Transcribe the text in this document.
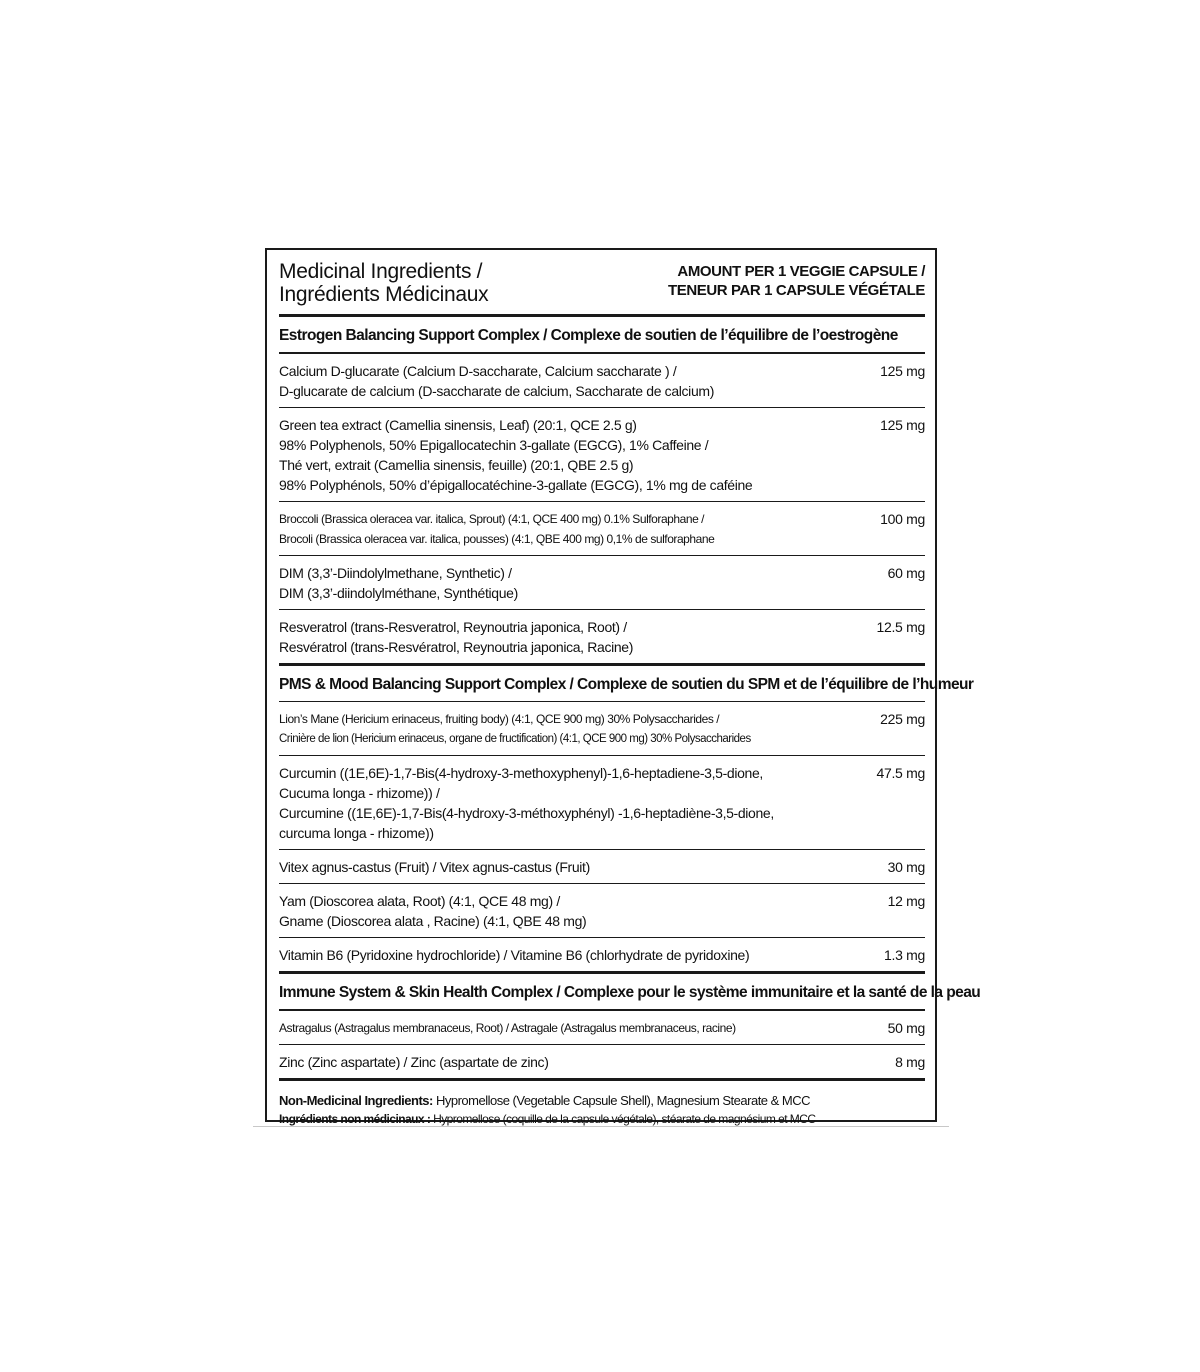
Medicinal Ingredients /
Ingrédients Médicinaux
AMOUNT PER 1 VEGGIE CAPSULE /
TENEUR PAR 1 CAPSULE VÉGÉTALE
Estrogen Balancing Support Complex / Complexe de soutien de l’équilibre de l’oestrogène
Calcium D-glucarate (Calcium D-saccharate, Calcium saccharate ) /
D-glucarate de calcium (D-saccharate de calcium, Saccharate de calcium)
125 mg
Green tea extract (Camellia sinensis, Leaf) (20:1, QCE 2.5 g)
98% Polyphenols, 50% Epigallocatechin 3-gallate (EGCG), 1% Caffeine /
Thé vert, extrait (Camellia sinensis, feuille) (20:1, QBE 2.5 g)
98% Polyphénols, 50% d’épigallocatéchine-3-gallate (EGCG), 1% mg de caféine
125 mg
Broccoli (Brassica oleracea var. italica, Sprout) (4:1, QCE 400 mg) 0.1% Sulforaphane /
Brocoli (Brassica oleracea var. italica, pousses) (4:1, QBE 400 mg) 0,1% de sulforaphane
100 mg
DIM (3,3’-Diindolylmethane, Synthetic) /
DIM (3,3’-diindolylméthane, Synthétique)
60 mg
Resveratrol (trans-Resveratrol, Reynoutria japonica, Root) /
Resvératrol (trans-Resvératrol, Reynoutria japonica, Racine)
12.5 mg
PMS & Mood Balancing Support Complex / Complexe de soutien du SPM et de l’équilibre de l’humeur
Lion’s Mane (Hericium erinaceus, fruiting body) (4:1, QCE 900 mg) 30% Polysaccharides /
Crinière de lion (Hericium erinaceus, organe de fructification) (4:1, QCE 900 mg) 30% Polysaccharides
225 mg
Curcumin ((1E,6E)-1,7-Bis(4-hydroxy-3-methoxyphenyl)-1,6-heptadiene-3,5-dione,
Cucuma longa - rhizome)) /
Curcumine ((1E,6E)-1,7-Bis(4-hydroxy-3-méthoxyphényl) -1,6-heptadiène-3,5-dione,
curcuma longa - rhizome))
47.5 mg
Vitex agnus-castus (Fruit) / Vitex agnus-castus (Fruit)	30 mg
Yam (Dioscorea alata, Root) (4:1, QCE 48 mg) /
Gname (Dioscorea alata , Racine) (4:1, QBE 48 mg)
12 mg
Vitamin B6 (Pyridoxine hydrochloride) / Vitamine B6 (chlorhydrate de pyridoxine)	1.3 mg
Immune System & Skin Health Complex / Complexe pour le système immunitaire et la santé de la peau
Astragalus (Astragalus membranaceus, Root) / Astragale (Astragalus membranaceus, racine)	50 mg
Zinc (Zinc aspartate) / Zinc (aspartate de zinc)	8 mg
Non-Medicinal Ingredients: Hypromellose (Vegetable Capsule Shell), Magnesium Stearate & MCC
Ingrédients non médicinaux : Hypromellose (coquille de la capsule végétale), stéarate de magnésium et MCC
